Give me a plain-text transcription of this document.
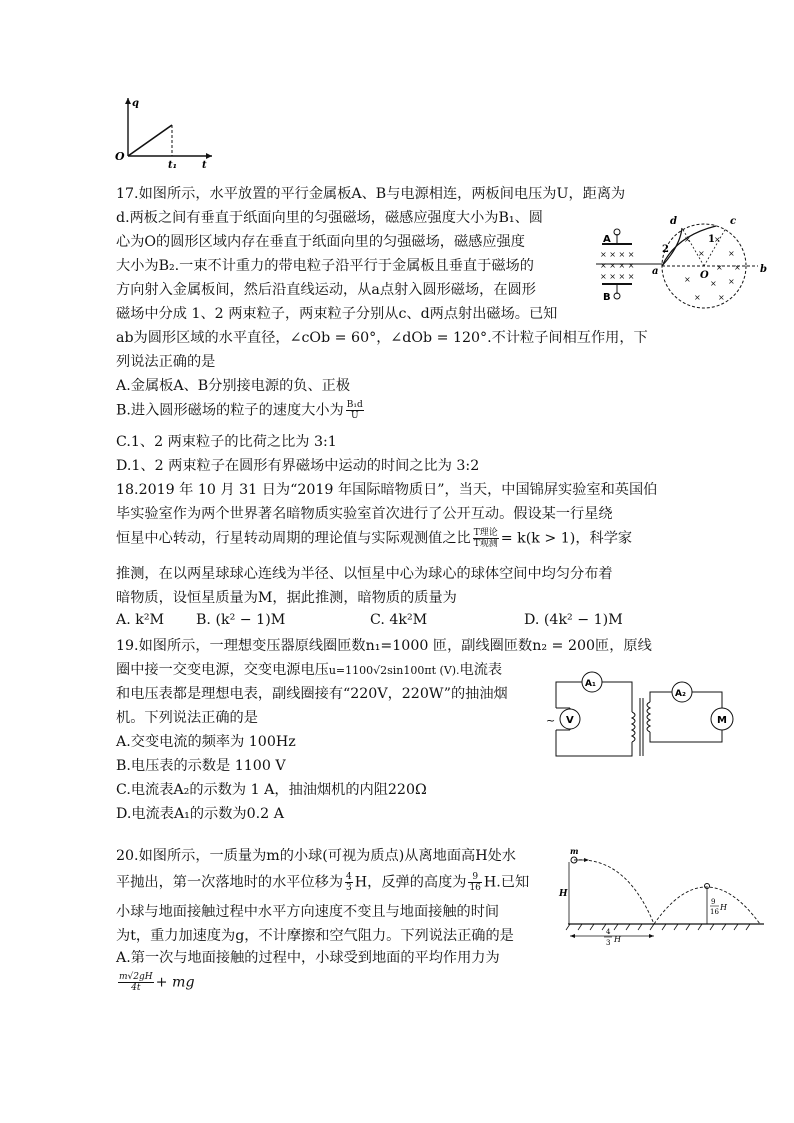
q
O
t₁	t
17.如图所示，水平放置的平行金属板A、B与电源相连，两板间电压为U，距离为
d.两板之间有垂直于纸面向里的匀强磁场，磁感应强度大小为B₁、圆
心为O的圆形区域内存在垂直于纸面向里的匀强磁场，磁感应强度
大小为B₂.一束不计重力的带电粒子沿平行于金属板且垂直于磁场的
方向射入金属板间，然后沿直线运动，从a点射入圆形磁场，在圆形
磁场中分成 1、2 两束粒子，两束粒子分别从c、d两点射出磁场。已知
ab为圆形区域的水平直径，∠cOb = 60°，∠dOb = 120°.不计粒子间相互作用，下
列说法正确的是
A.金属板A、B分别接电源的负、正极
B.进入圆形磁场的粒子的速度大小为 $\frac{\text{B₁d}}{U}$
C.1、2 两束粒子的比荷之比为 3:1
D.1、2 两束粒子在圆形有界磁场中运动的时间之比为 3:2
A
B
× × × ×
× × × ×
× × × ×
×	×
×	×
× ×
× × ×
× ×
d	c
1
2
a	O
b
18.2019 年 10 月 31 日为“2019 年国际暗物质日”，当天，中国锦屏实验室和英国伯
毕实验室作为两个世界著名暗物质实验室首次进行了公开互动。假设某一行星绕
恒星中心转动，行星转动周期的理论值与实际观测值之比 $\frac{\text{T理论}}{\text{T观测}} = k(k > 1)$，科学家
推测，在以两星球球心连线为半径、以恒星中心为球心的球体空间中均匀分布着
暗物质，设恒星质量为M，据此推测，暗物质的质量为
A. k²M B. (k² − 1)M	C. 4k²M	D. (4k² − 1)M
19.如图所示，一理想变压器原线圈匝数n₁=1000 匝，副线圈匝数n₂ = 200匝，原线
圈中接一交变电源，交变电源电压u=1100√2sin100πt (V).电流表
和电压表都是理想电表，副线圈接有“220V，220W”的抽油烟
机。下列说法正确的是
A.交变电流的频率为 100Hz
B.电压表的示数是 1100 V
C.电流表A₂的示数为 1 A，抽油烟机的内阻220Ω
D.电流表A₁的示数为0.2 A
A₁
V
~
A₂
M
20.如图所示，一质量为m的小球(可视为质点)从离地面高H处水
平抛出，第一次落地时的水平位移为 $\frac{4}{3}$ H，反弹的高度为 $\frac{9}{16} H$.已知
小球与地面接触过程中水平方向速度不变且与地面接触的时间
为t，重力加速度为g，不计摩擦和空气阻力。下列说法正确的是
A.第一次与地面接触的过程中，小球受到地面的平均作用力为
$\frac{m√2gH}{4t}$ + mg
m
H
9
16 H
4
3 H
